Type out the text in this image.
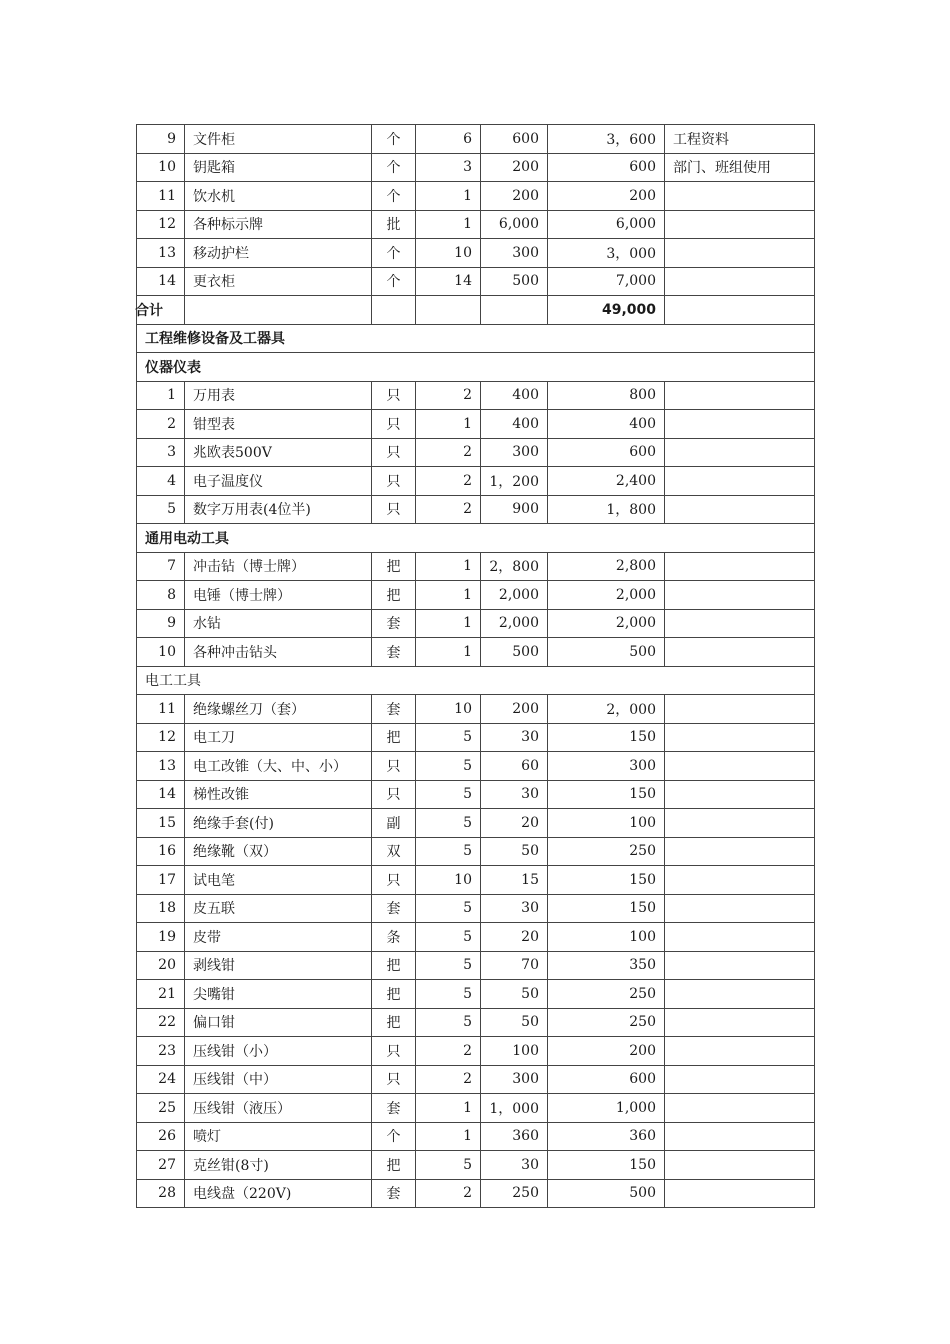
9	文件柜	个	6	600	3，600	工程资料
10	钥匙箱	个	3	200	600	部门、班组使用
11	饮水机	个	1	200	200	
12	各种标示牌	批	1	6,000	6,000	
13	移动护栏	个	10	300	3，000	
14	更衣柜	个	14	500	7,000	
合计					49,000	
工程维修设备及工器具						
仪器仪表						
1	万用表	只	2	400	800	
2	钳型表	只	1	400	400	
3	兆欧表500V	只	2	300	600	
4	电子温度仪	只	2	1，200	2,400	
5	数字万用表(4位半)	只	2	900	1，800	
通用电动工具						
7	冲击钻（博士牌）	把	1	2，800	2,800	
8	电锤（博士牌）	把	1	2,000	2,000	
9	水钻	套	1	2,000	2,000	
10	各种冲击钻头	套	1	500	500	
电工工具						
11	绝缘螺丝刀（套）	套	10	200	2，000	
12	电工刀	把	5	30	150	
13	电工改锥（大、中、小）	只	5	60	300	
14	梯性改锥	只	5	30	150	
15	绝缘手套(付)	副	5	20	100	
16	绝缘靴（双）	双	5	50	250	
17	试电笔	只	10	15	150	
18	皮五联	套	5	30	150	
19	皮带	条	5	20	100	
20	剥线钳	把	5	70	350	
21	尖嘴钳	把	5	50	250	
22	偏口钳	把	5	50	250	
23	压线钳（小）	只	2	100	200	
24	压线钳（中）	只	2	300	600	
25	压线钳（液压）	套	1	1，000	1,000	
26	喷灯	个	1	360	360	
27	克丝钳(8寸)	把	5	30	150	
28	电线盘（220V)	套	2	250	500	
